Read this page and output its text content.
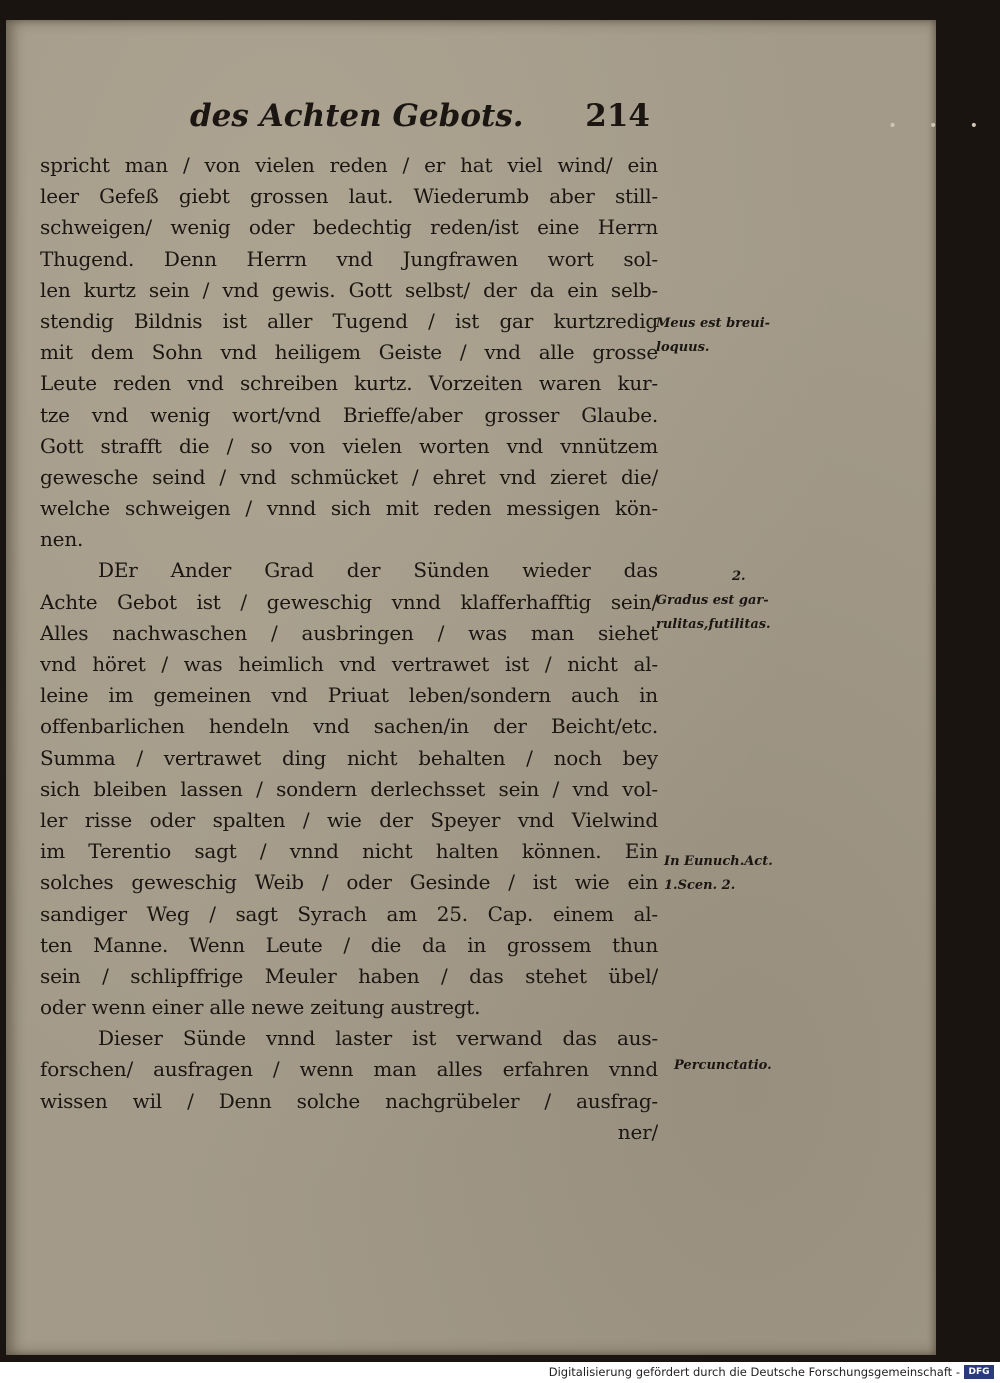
• • •
des Achten Gebots. 214
spricht man / von vielen reden / er hat viel wind/ ein
leer Gefeß giebt grossen laut. Wiederumb aber still-
schweigen/ wenig oder bedechtig reden/ist eine Herrn
Thugend. Denn Herrn vnd Jungfrawen wort sol-
len kurtz sein / vnd gewis. Gott selbst/ der da ein selb-
stendig Bildnis ist aller Tugend / ist gar kurtzredig
mit dem Sohn vnd heiligem Geiste / vnd alle grosse
Leute reden vnd schreiben kurtz. Vorzeiten waren kur-
tze vnd wenig wort/vnd Brieffe/aber grosser Glaube.
Gott strafft die / so von vielen worten vnd vnnützem
gewesche seind / vnd schmücket / ehret vnd zieret die/
welche schweigen / vnnd sich mit reden messigen kön-
nen.
DEr Ander Grad der Sünden wieder das
Achte Gebot ist / geweschig vnnd klafferhafftig sein/
Alles nachwaschen / ausbringen / was man siehet
vnd höret / was heimlich vnd vertrawet ist / nicht al-
leine im gemeinen vnd Priuat leben/sondern auch in
offenbarlichen hendeln vnd sachen/in der Beicht/etc.
Summa / vertrawet ding nicht behalten / noch bey
sich bleiben lassen / sondern derlechsset sein / vnd vol-
ler risse oder spalten / wie der Speyer vnd Vielwind
im Terentio sagt / vnnd nicht halten können. Ein
solches geweschig Weib / oder Gesinde / ist wie ein
sandiger Weg / sagt Syrach am 25. Cap. einem al-
ten Manne. Wenn Leute / die da in grossem thun
sein / schlipffrige Meuler haben / das stehet übel/
oder wenn einer alle newe zeitung austregt.
Dieser Sünde vnnd laster ist verwand das aus-
forschen/ ausfragen / wenn man alles erfahren vnnd
wissen wil / Denn solche nachgrübeler / ausfrag-
ner/
Meus est breui-
loquus.
2.
Gradus est gar-
rulitas,futilitas.
In Eunuch.Act.
1.Scen. 2.
Percunctatio.
Digitalisierung gefördert durch die Deutsche Forschungsgemeinschaft - DFG
